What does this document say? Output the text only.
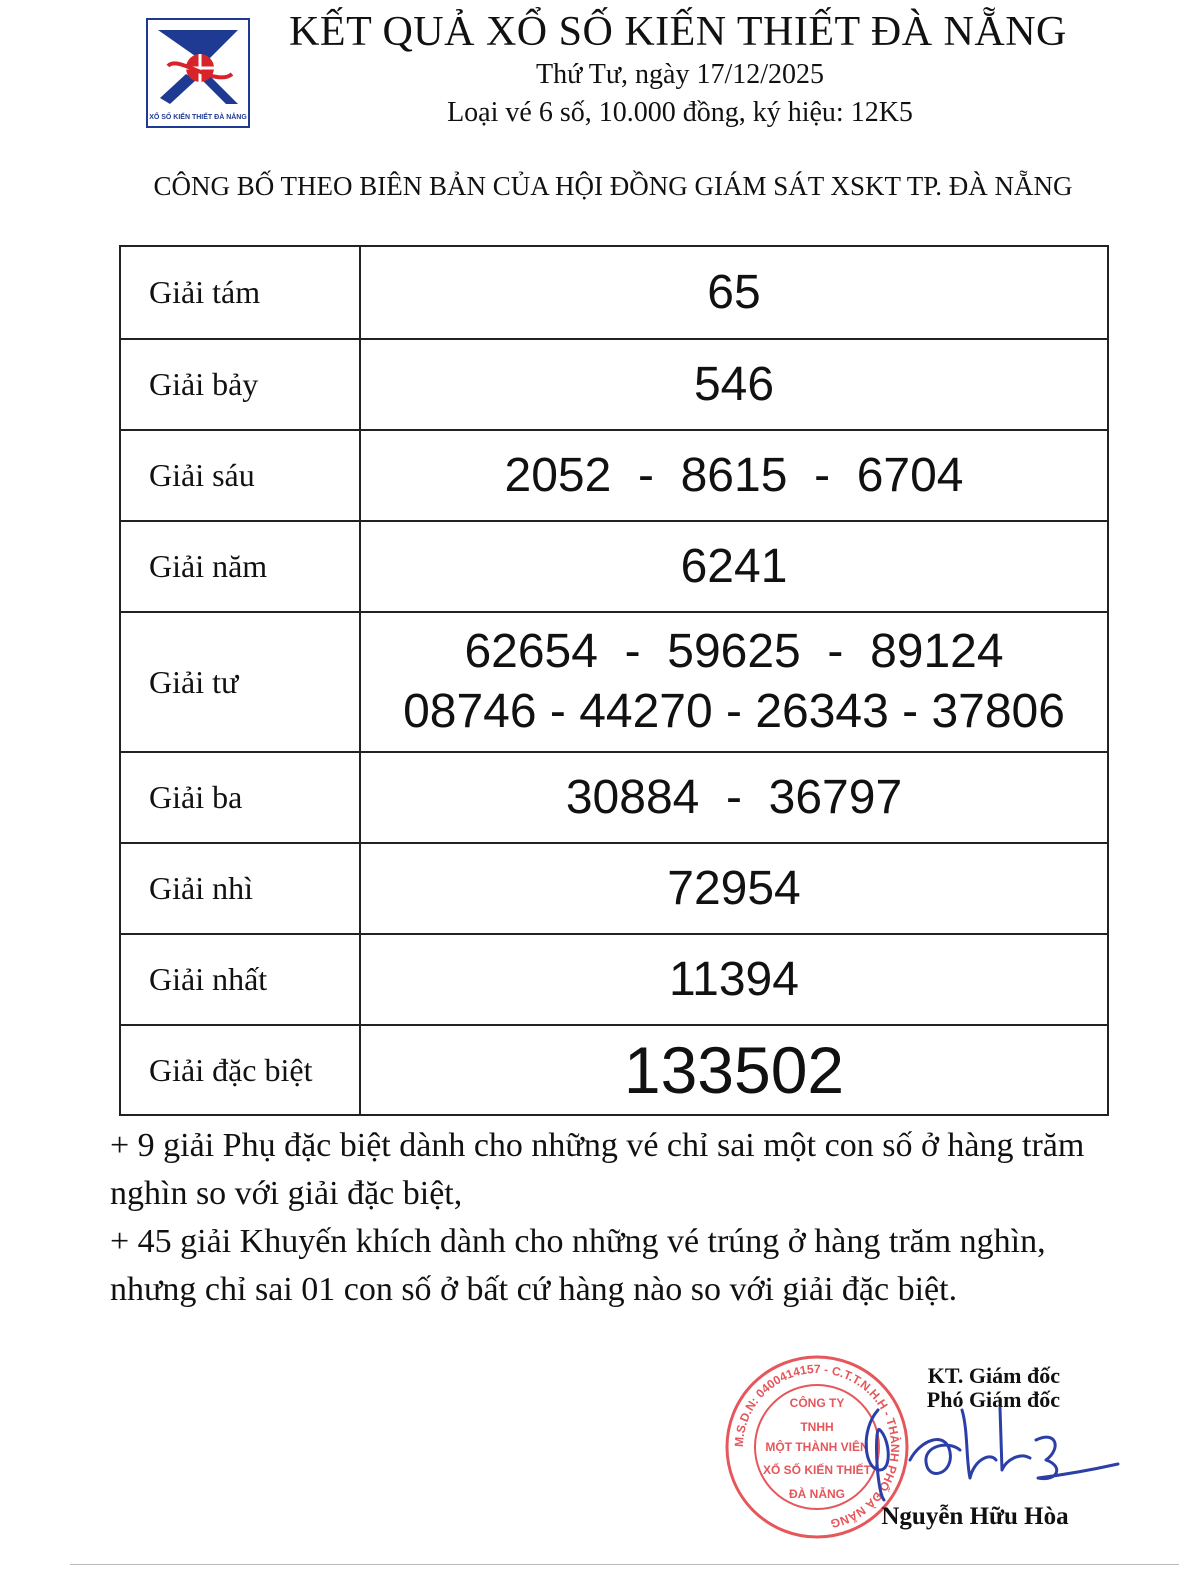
XỔ SỐ KIẾN THIẾT ĐÀ NẴNG
KẾT QUẢ XỔ SỐ KIẾN THIẾT ĐÀ NẴNG
Thứ Tư, ngày 17/12/2025
Loại vé 6 số, 10.000 đồng, ký hiệu: 12K5
CÔNG BỐ THEO BIÊN BẢN CỦA HỘI ĐỒNG GIÁM SÁT XSKT TP. ĐÀ NẴNG
Giải tám	65
Giải bảy	546
Giải sáu	2052  -  8615  -  6704
Giải năm	6241
Giải tư	62654  -  59625  -  89124
08746 - 44270 - 26343 - 37806
Giải ba	30884  -  36797
Giải nhì	72954
Giải nhất	11394
Giải đặc biệt	133502

+ 9 giải Phụ đặc biệt dành cho những vé chỉ sai một con số ở hàng trăm nghìn so với giải đặc biệt,

+ 45 giải Khuyến khích dành cho những vé trúng ở hàng trăm nghìn, nhưng chỉ sai 01 con số ở bất cứ hàng nào so với giải đặc biệt.

M.S.D.N: 0400414157 - C.T.T.N.H.H - THÀNH PHỐ ĐÀ NẴNG
CÔNG TY
TNHH
MỘT THÀNH VIÊN
XỔ SỐ KIẾN THIẾT
ĐÀ NẴNG
KT. Giám đốc
Phó Giám đốc
Nguyễn Hữu Hòa
